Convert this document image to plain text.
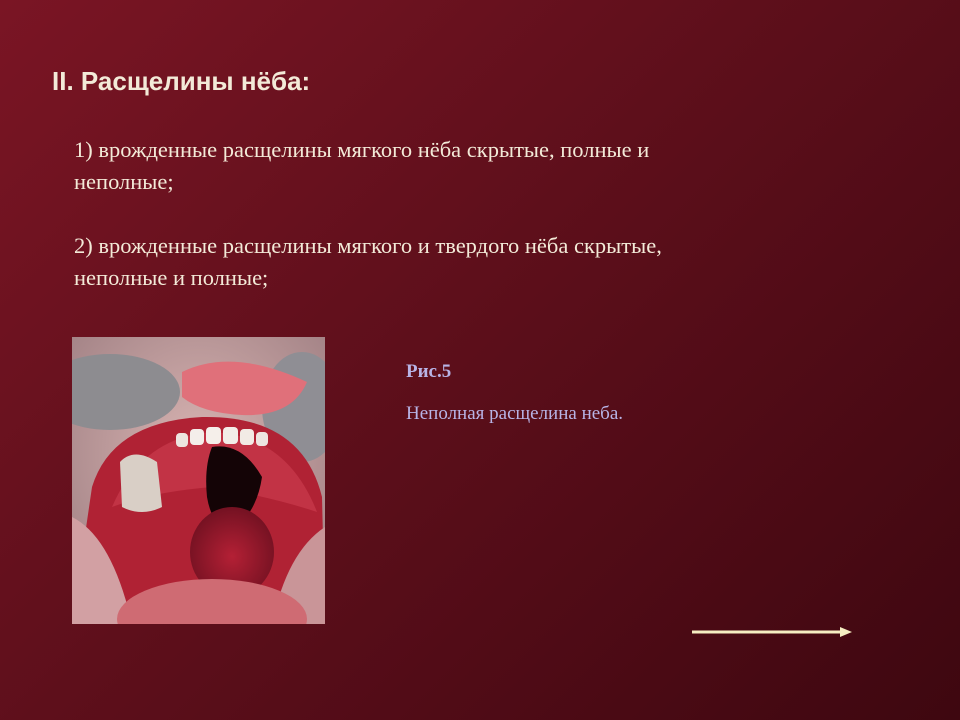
II. Расщелины нёба:
1) врожденные расщелины мягкого нёба скрытые, полные и неполные;
2) врожденные расщелины мягкого и твердого нёба скрытые, неполные и полные;
Рис.5
Неполная расщелина неба.
